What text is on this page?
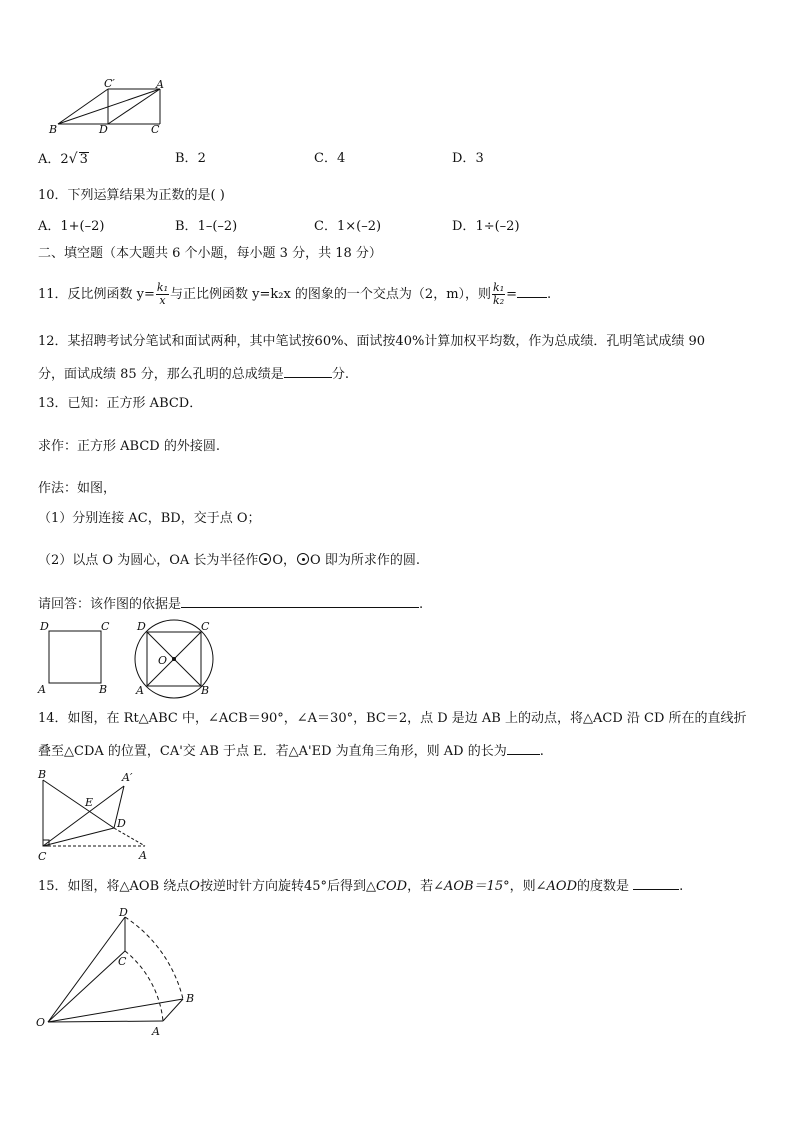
C′	A
B	D	C
A．2√ 3	B．2	C．4	D．3
10．下列运算结果为正数的是( )
A．1+(–2)	B．1–(–2)	C．1×(–2)	D．1÷(–2)
二、填空题（本大题共 6 个小题，每小题 3 分，共 18 分）
11．反比例函数 $y= \frac{\text{k₁}}{x}$ 与正比例函数 y=k₂x 的图象的一个交点为（2，m），则 $\frac{\text{k₁}}{\text{k₂}}$ = .
12．某招聘考试分笔试和面试两种，其中笔试按60%、面试按40%计算加权平均数，作为总成绩．孔明笔试成绩 90
分，面试成绩 85 分，那么孔明的总成绩是	分.
13．已知：正方形 ABCD．
求作：正方形 ABCD 的外接圆.
作法：如图，
（1）分别连接 AC，BD，交于点 O；
（2）以点 O 为圆心，OA 长为半径作 O， O 即为所求作的圆.
请回答：该作图的依据是	.
D	C
A	B
D	C
A	B
O
14．如图，在 Rt△ABC 中，∠ACB＝90°，∠A＝30°，BC＝2，点 D 是边 AB 上的动点，将△ACD 沿 CD 所在的直线折
叠至△CDA 的位置，CA'交 AB 于点 E．若△A'ED 为直角三角形，则 AD 的长为	.
B	A′
E
D
C	A
15．如图，将△AOB 绕点O按逆时针方向旋转45°后得到△COD，若∠AOB＝15°，则∠AOD的度数是	.
D
C
B
O
A
